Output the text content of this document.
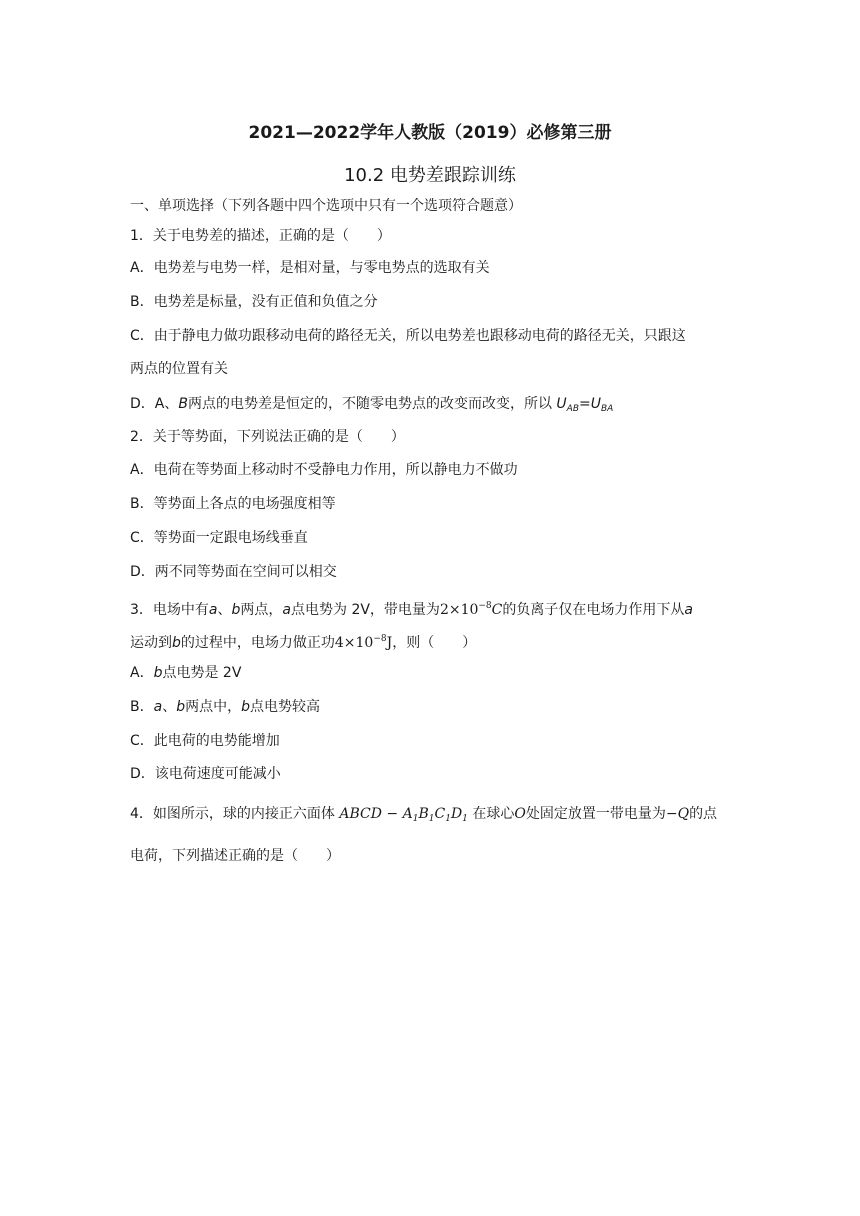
2021—2022学年人教版（2019）必修第三册
10.2 电势差跟踪训练
一、单项选择（下列各题中四个选项中只有一个选项符合题意）
1．关于电势差的描述，正确的是（　　）
A．电势差与电势一样，是相对量，与零电势点的选取有关
B．电势差是标量，没有正值和负值之分
C．由于静电力做功跟移动电荷的路径无关，所以电势差也跟移动电荷的路径无关，只跟这
两点的位置有关
D．A、B两点的电势差是恒定的，不随零电势点的改变而改变，所以 $U_{AB}=U_{BA}$
2．关于等势面，下列说法正确的是（　　）
A．电荷在等势面上移动时不受静电力作用，所以静电力不做功
B．等势面上各点的电场强度相等
C．等势面一定跟电场线垂直
D．两不同等势面在空间可以相交
3．电场中有a、b两点，a点电势为 2V，带电量为$2\times 10^{-8}C$的负离子仅在电场力作用下从a
运动到b的过程中，电场力做正功$4\times 10^{-8}J$，则（　　）
A．b点电势是 2V
B．a、b两点中，b点电势较高
C．此电荷的电势能增加
D．该电荷速度可能减小
4．如图所示，球的内接正六面体 ABCD − $A_1B_1C_1D_1$ 在球心O处固定放置一带电量为−Q的点
电荷，下列描述正确的是（　　）
